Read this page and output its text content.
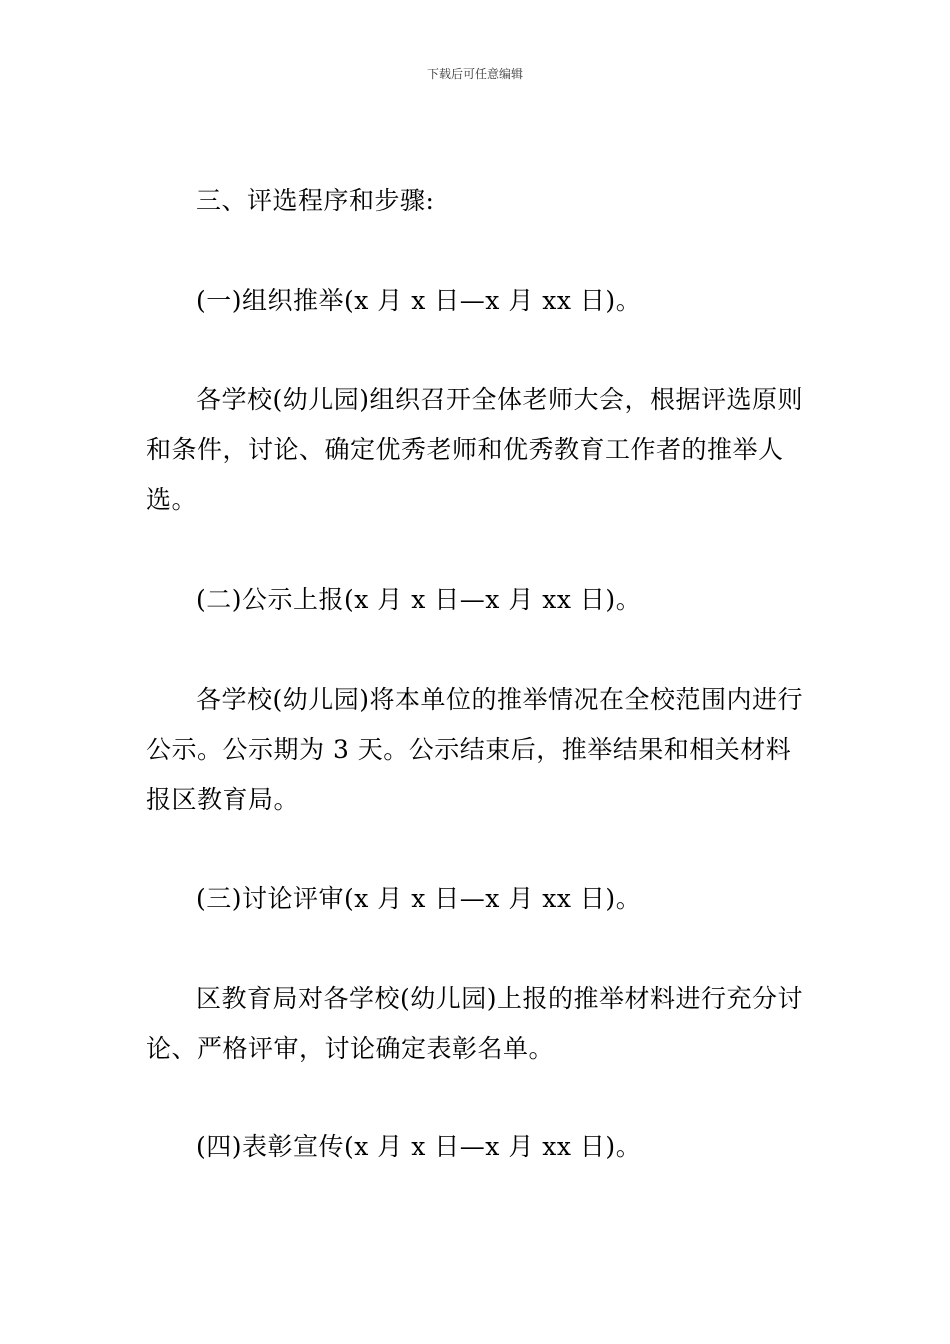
下载后可任意编辑

三、评选程序和步骤:

(一)组织推举(x 月 x 日—x 月 xx 日)。

各学校(幼儿园)组织召开全体老师大会，根据评选原则和条件，讨论、确定优秀老师和优秀教育工作者的推举人选。

(二)公示上报(x 月 x 日—x 月 xx 日)。

各学校(幼儿园)将本单位的推举情况在全校范围内进行公示。公示期为 3 天。公示结束后，推举结果和相关材料报区教育局。

(三)讨论评审(x 月 x 日—x 月 xx 日)。

区教育局对各学校(幼儿园)上报的推举材料进行充分讨论、严格评审，讨论确定表彰名单。

(四)表彰宣传(x 月 x 日—x 月 xx 日)。
